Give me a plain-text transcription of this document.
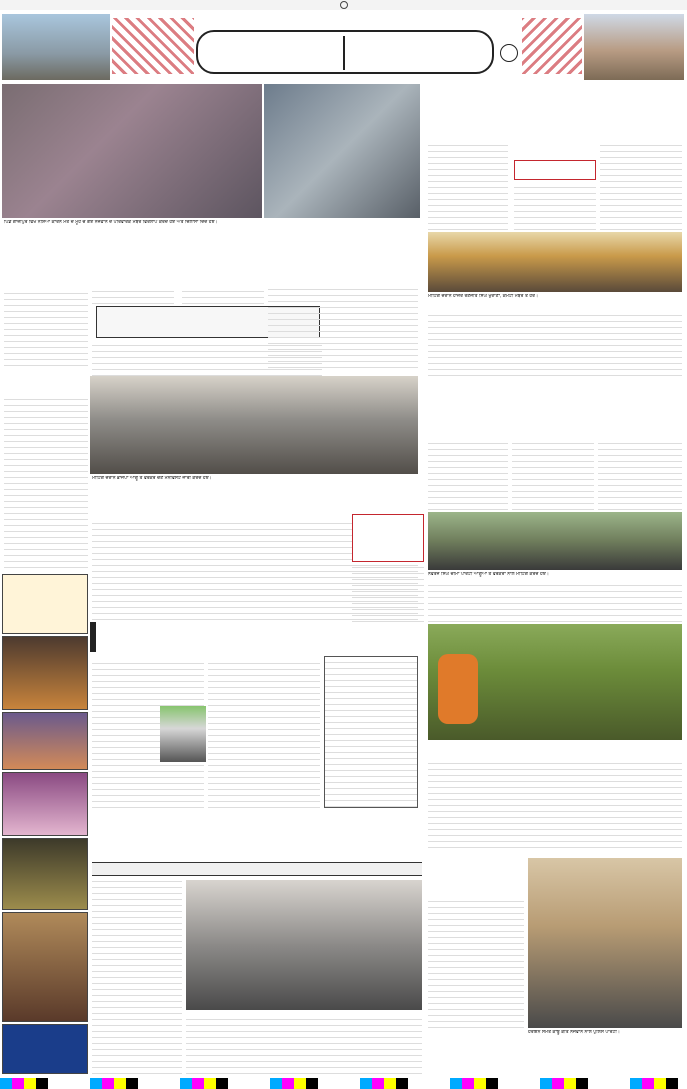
ਪਿੰਡ ਗਾਜ਼ੀਪੁਰ ਵਿਖੇ ਨਸ਼ਿਆਂ ਕਾਰਨ ਮੌਤ ਦੇ ਮੂੰਹ ਚ ਗਏ ਨੌਜਵਾਨ ਦੇ ਪਰਿਵਾਰਕ ਮੈਂਬਰ ਵਿਰਲਾਪ ਕਰਦੇ ਹੋਏ ਅਤੇ ਦਿਲਾਸਾ ਦਿੰਦੇ ਹੋਏ।
ਮੀਟਿੰਗ ਦੌਰਾਨ ਭਾਜਪਾ ਆਗੂ ਤੇ ਵਰਕਰ ਚੋਣ ਮੈਨੀਫੈਸਟੋ ਜਾਰੀ ਕਰਦੇ ਹੋਏ।
ਮੀਟਿੰਗ ਦੌਰਾਨ ਹਾਜ਼ਰ ਰਣਜੀਤ ਸਿੰਘ ਖੁਰਾਣਾ, ਕਮੇਟੀ ਮੈਂਬਰ ਤੇ ਹੋਰ।
ਨਵਤੇਜ ਸਿੰਘ ਚੀਮਾ ਪਾਰਟੀ ਆਗੂਆਂ ਤੇ ਵਰਕਰਾਂ ਨਾਲ ਮੀਟਿੰਗ ਕਰਦੇ ਹੋਏ।
ਹੈਰੋਇਨ ਸਮੇਤ ਕਾਬੂ ਕੀਤੇ ਨੌਜਵਾਨ ਨਾਲ ਪੁਲਿਸ ਪਾਰਟੀ।
